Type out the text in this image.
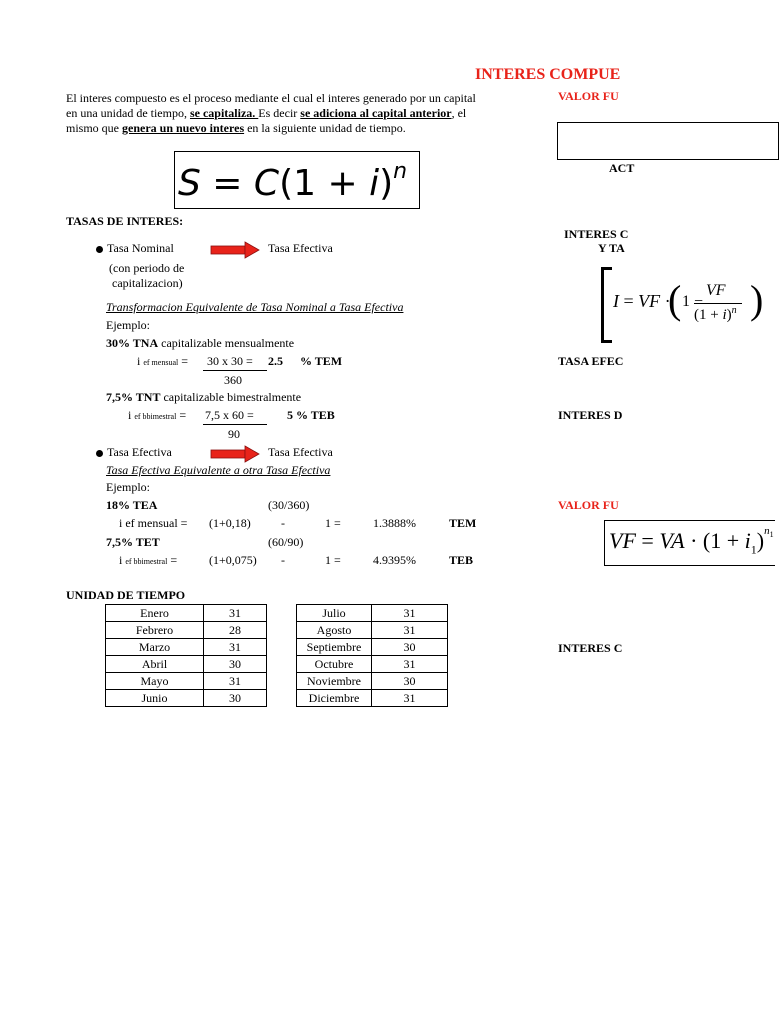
INTERES COMPUE
El interes compuesto es el proceso mediante el cual el interes generado por un capital
en una unidad de tiempo, se capitaliza. Es decir se adiciona al capital anterior, el
mismo que genera un nuevo interes en la siguiente unidad de tiempo.
$S = C(1 + i)^n$
TASAS DE INTERES:
Tasa Nominal	Tasa Efectiva
(con periodo de
capitalizacion)
Transformacion Equivalente de Tasa Nominal a Tasa Efectiva
Ejemplo:
30% TNA capitalizable mensualmente
i ef mensual = 30 x 30 = 2.5 % TEM
360
7,5% TNT capitalizable bimestralmente
i ef bbimestral = 7,5 x 60 =	5 % TEB
90
Tasa Efectiva	Tasa Efectiva
Tasa Efectiva Equivalente a otra Tasa Efectiva
Ejemplo:
18% TEA	(30/360)
i ef mensual = (1+0,18)	-	1 =	1.3888%	TEM
7,5% TET	(60/90)
i ef bbimestral =	(1+0,075) -	1 =	4.9395%	TEB
UNIDAD DE TIEMPO
Enero	31
Febrero	28
Marzo	31
Abril	30
Mayo	31
Junio	30
Julio	31
Agosto	31
Septiembre	30
Octubre	31
Noviembre	30
Diciembre	31
VALOR FU
ACT
INTERES C
Y TA
I = VF ·
( 1 −
VF
$(1 + i)^n$ )
TASA EFEC
INTERES D
VALOR FU
VF = VA · $(1 + i_1)^{n_1}$
INTERES C
